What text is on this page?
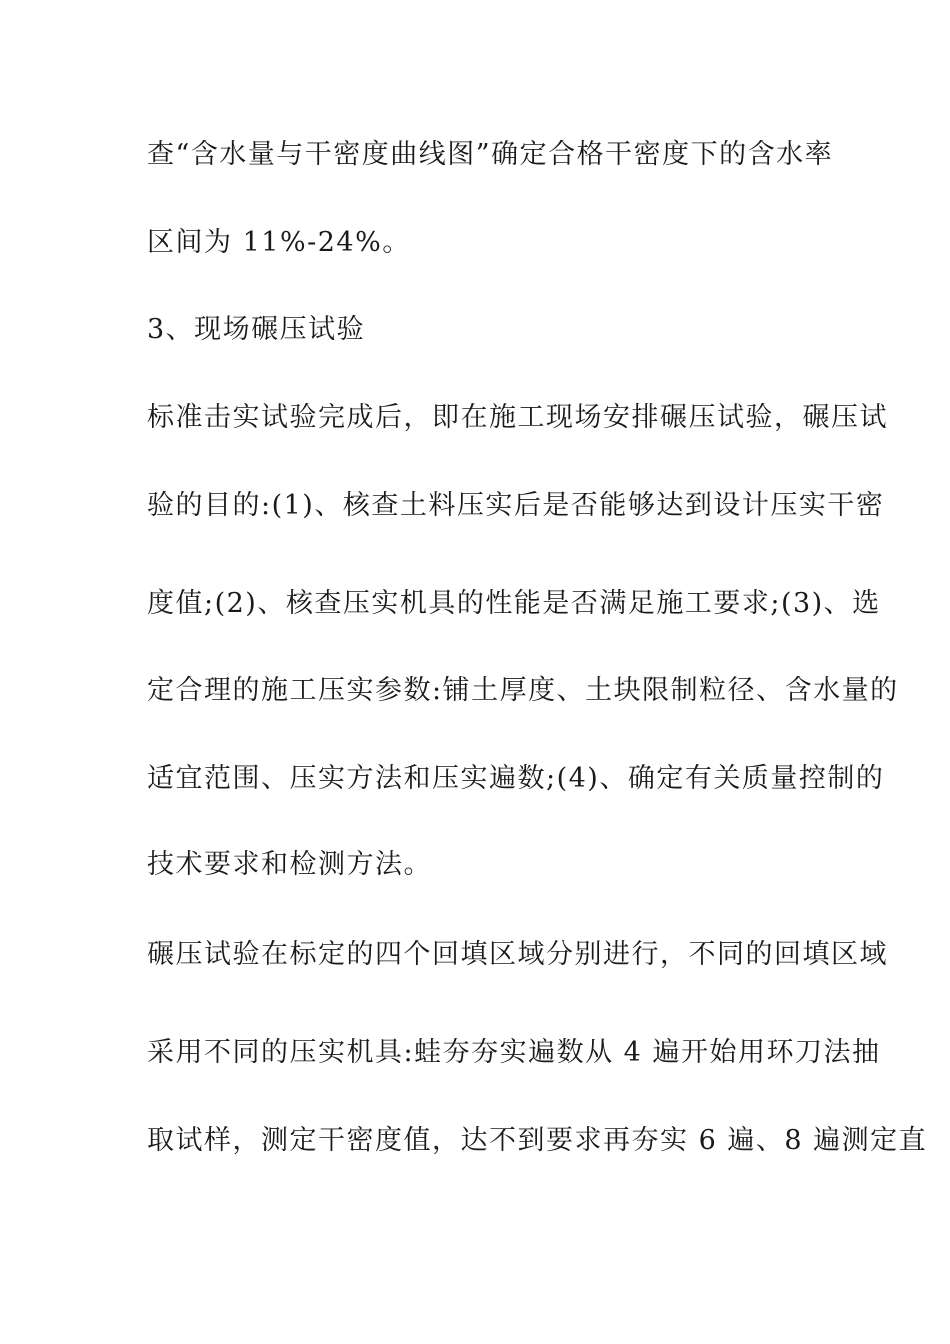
查“含水量与干密度曲线图”确定合格干密度下的含水率
区间为 11%-24%。
3、现场碾压试验
标准击实试验完成后，即在施工现场安排碾压试验，碾压试
验的目的:(1)、核查土料压实后是否能够达到设计压实干密
度值;(2)、核查压实机具的性能是否满足施工要求;(3)、选
定合理的施工压实参数:铺土厚度、土块限制粒径、含水量的
适宜范围、压实方法和压实遍数;(4)、确定有关质量控制的
技术要求和检测方法。
碾压试验在标定的四个回填区域分别进行，不同的回填区域
采用不同的压实机具:蛙夯夯实遍数从 4 遍开始用环刀法抽
取试样，测定干密度值，达不到要求再夯实 6 遍、8 遍测定直
